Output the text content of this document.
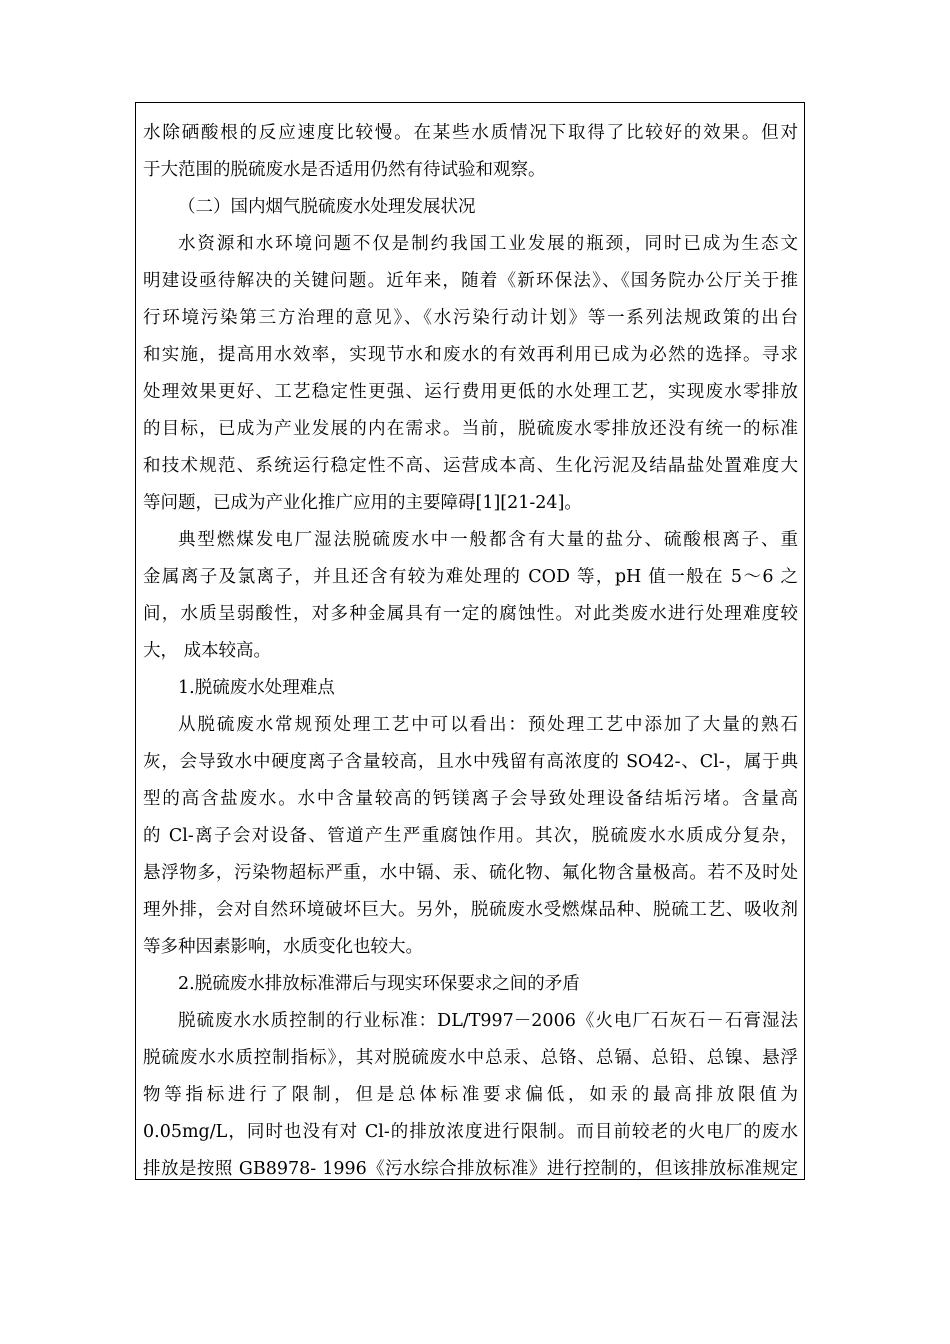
水除硒酸根的反应速度比较慢。在某些水质情况下取得了比较好的效果。但对
于大范围的脱硫废水是否适用仍然有待试验和观察。
（二）国内烟气脱硫废水处理发展状况
水资源和水环境问题不仅是制约我国工业发展的瓶颈，同时已成为生态文
明建设亟待解决的关键问题。近年来，随着《新环保法》、《国务院办公厅关于推
行环境污染第三方治理的意见》、《水污染行动计划》等一系列法规政策的出台
和实施，提高用水效率，实现节水和废水的有效再利用已成为必然的选择。寻求
处理效果更好、工艺稳定性更强、运行费用更低的水处理工艺，实现废水零排放
的目标，已成为产业发展的内在需求。当前，脱硫废水零排放还没有统一的标准
和技术规范、系统运行稳定性不高、运营成本高、生化污泥及结晶盐处置难度大
等问题，已成为产业化推广应用的主要障碍[1][21-24]。
典型燃煤发电厂湿法脱硫废水中一般都含有大量的盐分、硫酸根离子、重
金属离子及氯离子，并且还含有较为难处理的 COD 等，pH 值一般在 5～6 之
间，水质呈弱酸性，对多种金属具有一定的腐蚀性。对此类废水进行处理难度较
大， 成本较高。
1.脱硫废水处理难点
从脱硫废水常规预处理工艺中可以看出：预处理工艺中添加了大量的熟石
灰，会导致水中硬度离子含量较高，且水中残留有高浓度的 SO42-、Cl-，属于典
型的高含盐废水。水中含量较高的钙镁离子会导致处理设备结垢污堵。含量高
的 Cl-离子会对设备、管道产生严重腐蚀作用。其次，脱硫废水水质成分复杂，
悬浮物多，污染物超标严重，水中镉、汞、硫化物、氟化物含量极高。若不及时处
理外排，会对自然环境破坏巨大。另外，脱硫废水受燃煤品种、脱硫工艺、吸收剂
等多种因素影响，水质变化也较大。
2.脱硫废水排放标准滞后与现实环保要求之间的矛盾
脱硫废水水质控制的行业标准：DL/T997－2006《火电厂石灰石－石膏湿法
脱硫废水水质控制指标》，其对脱硫废水中总汞、总铬、总镉、总铅、总镍、悬浮
物等指标进行了限制，但是总体标准要求偏低，如汞的最高排放限值为
0.05mg/L，同时也没有对 Cl-的排放浓度进行限制。而目前较老的火电厂的废水
排放是按照 GB8978- 1996《污水综合排放标准》进行控制的，但该排放标准规定
